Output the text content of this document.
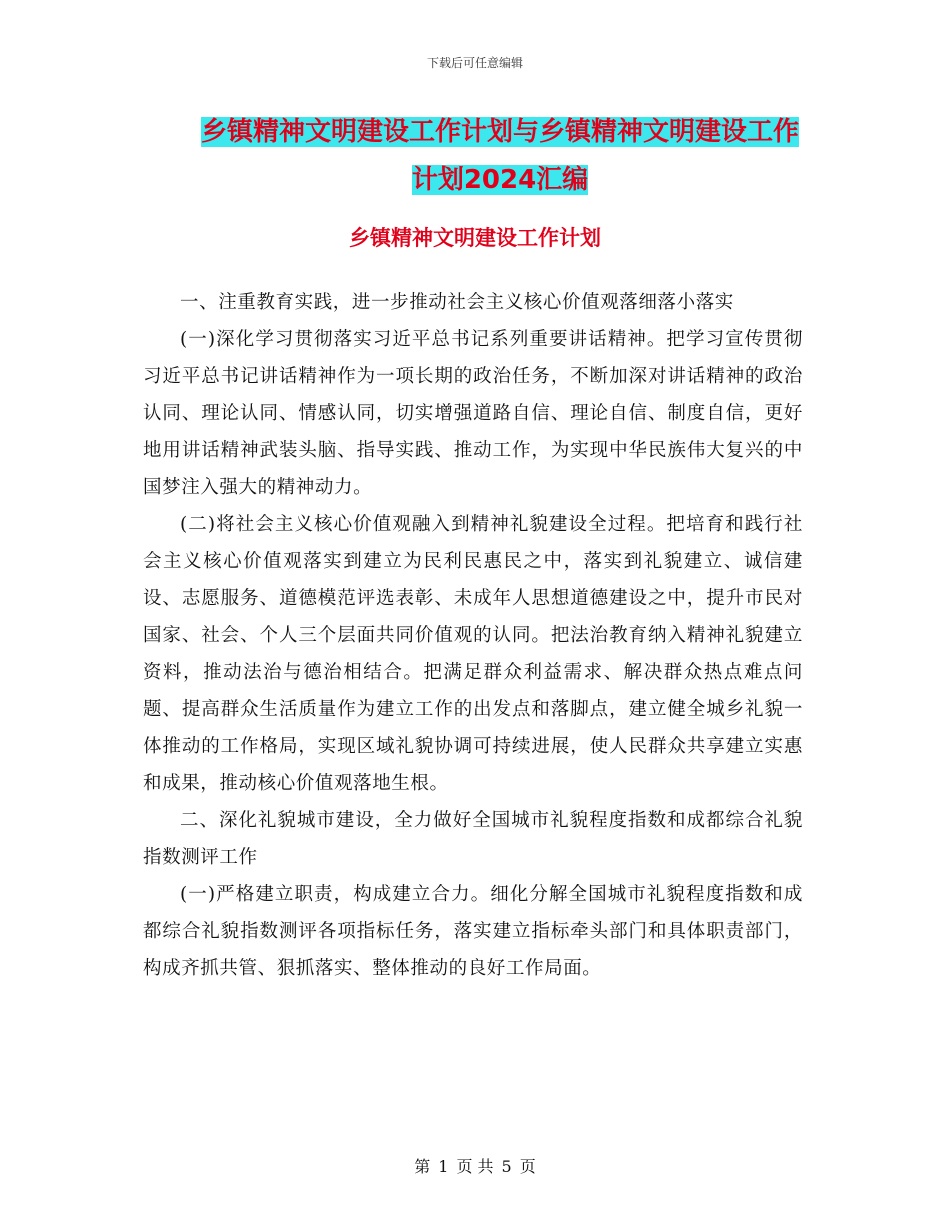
下载后可任意编辑
乡镇精神文明建设工作计划与乡镇精神文明建设工作
计划2024汇编
乡镇精神文明建设工作计划

一、注重教育实践，进一步推动社会主义核心价值观落细落小落实

(一)深化学习贯彻落实习近平总书记系列重要讲话精神。把学习宣传贯彻习近平总书记讲话精神作为一项长期的政治任务，不断加深对讲话精神的政治认同、理论认同、情感认同，切实增强道路自信、理论自信、制度自信，更好地用讲话精神武装头脑、指导实践、推动工作，为实现中华民族伟大复兴的中国梦注入强大的精神动力。

(二)将社会主义核心价值观融入到精神礼貌建设全过程。把培育和践行社会主义核心价值观落实到建立为民利民惠民之中，落实到礼貌建立、诚信建设、志愿服务、道德模范评选表彰、未成年人思想道德建设之中，提升市民对国家、社会、个人三个层面共同价值观的认同。把法治教育纳入精神礼貌建立资料，推动法治与德治相结合。把满足群众利益需求、解决群众热点难点问题、提高群众生活质量作为建立工作的出发点和落脚点，建立健全城乡礼貌一体推动的工作格局，实现区域礼貌协调可持续进展，使人民群众共享建立实惠和成果，推动核心价值观落地生根。

二、深化礼貌城市建设，全力做好全国城市礼貌程度指数和成都综合礼貌指数测评工作

(一)严格建立职责，构成建立合力。细化分解全国城市礼貌程度指数和成都综合礼貌指数测评各项指标任务，落实建立指标牵头部门和具体职责部门，构成齐抓共管、狠抓落实、整体推动的良好工作局面。

第 1 页 共 5 页
